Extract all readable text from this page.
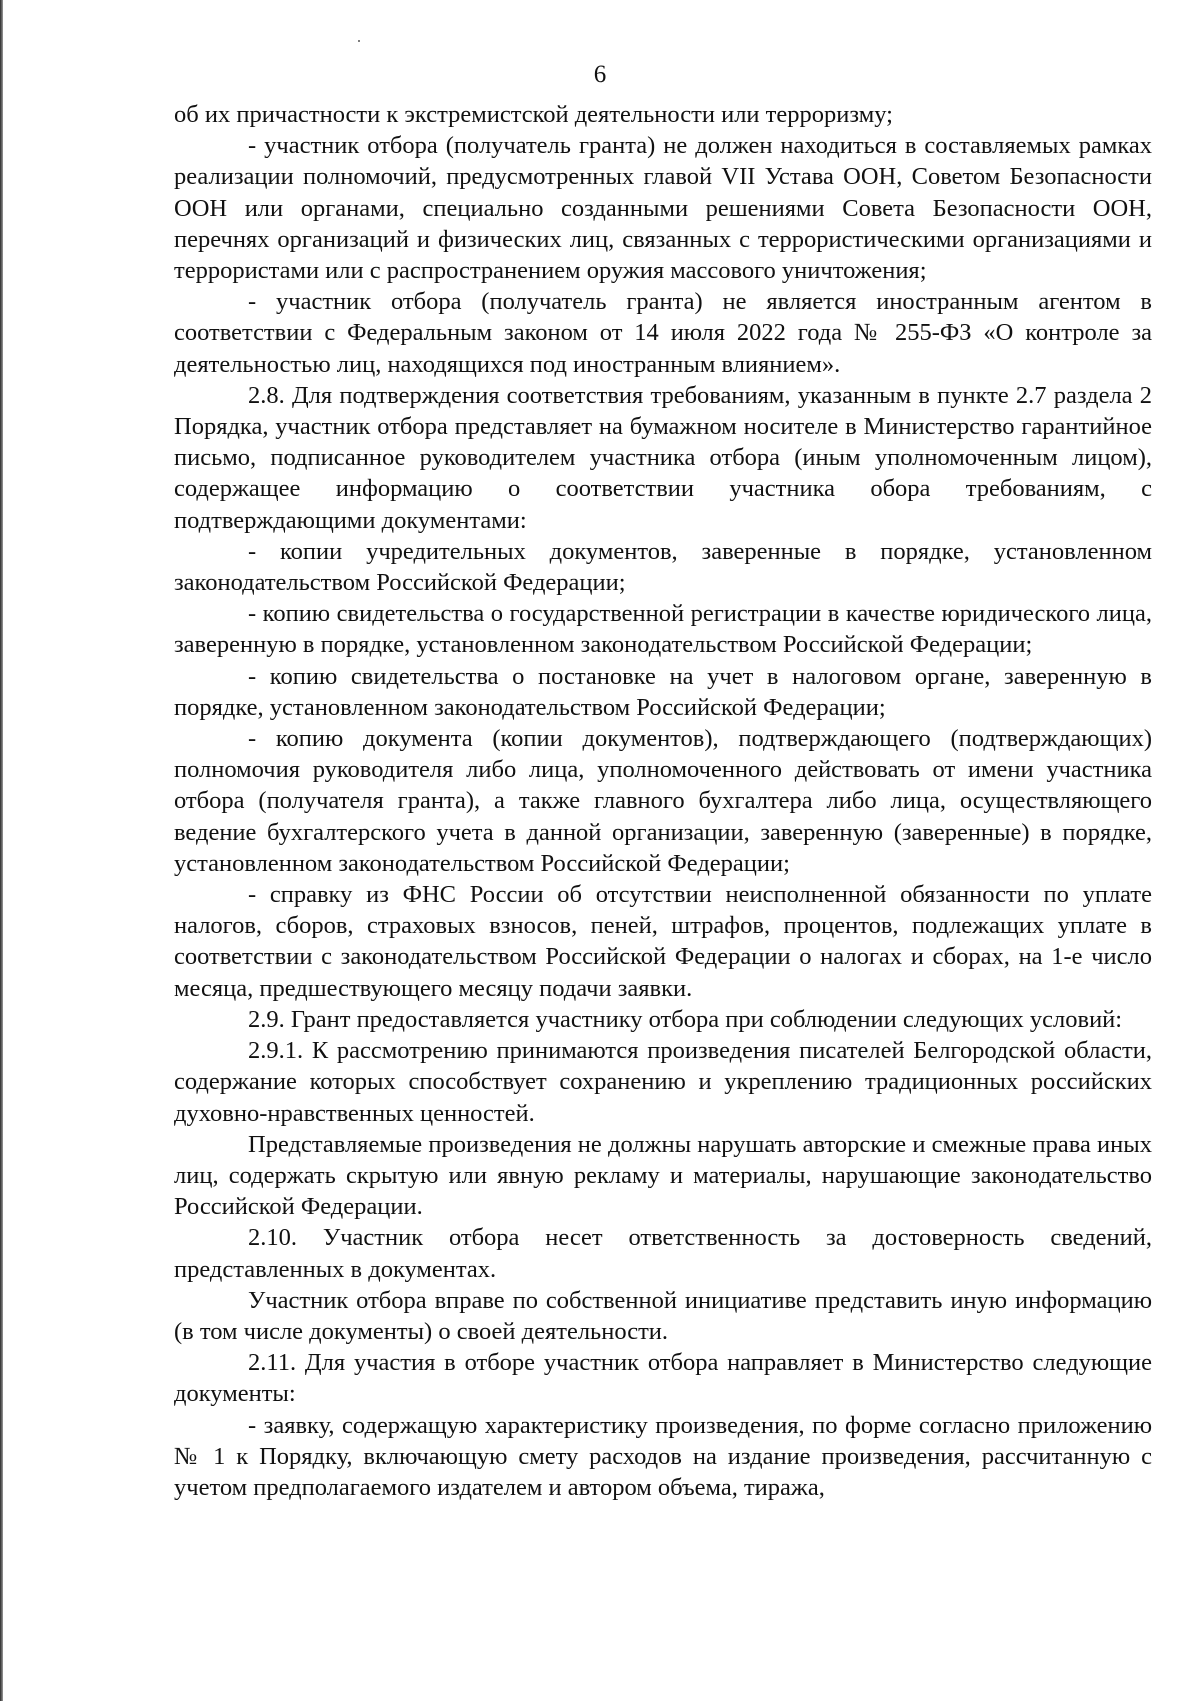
6

об их причастности к экстремистской деятельности или терроризму;

- участник отбора (получатель гранта) не должен находиться в составляемых рамках реализации полномочий, предусмотренных главой VII Устава ООН, Советом Безопасности ООН или органами, специально созданными решениями Совета Безопасности ООН, перечнях организаций и физических лиц, связанных с террористическими организациями и террористами или с распространением оружия массового уничтожения;

- участник отбора (получатель гранта) не является иностранным агентом в соответствии с Федеральным законом от 14 июля 2022 года № 255-ФЗ «О контроле за деятельностью лиц, находящихся под иностранным влиянием».

2.8. Для подтверждения соответствия требованиям, указанным в пункте 2.7 раздела 2 Порядка, участник отбора представляет на бумажном носителе в Министерство гарантийное письмо, подписанное руководителем участника отбора (иным уполномоченным лицом), содержащее информацию о соответствии участника обора требованиям, с подтверждающими документами:

- копии учредительных документов, заверенные в порядке, установленном законодательством Российской Федерации;

- копию свидетельства о государственной регистрации в качестве юридического лица, заверенную в порядке, установленном законодательством Российской Федерации;

- копию свидетельства о постановке на учет в налоговом органе, заверенную в порядке, установленном законодательством Российской Федерации;

- копию документа (копии документов), подтверждающего (подтверждающих) полномочия руководителя либо лица, уполномоченного действовать от имени участника отбора (получателя гранта), а также главного бухгалтера либо лица, осуществляющего ведение бухгалтерского учета в данной организации, заверенную (заверенные) в порядке, установленном законодательством Российской Федерации;

- справку из ФНС России об отсутствии неисполненной обязанности по уплате налогов, сборов, страховых взносов, пеней, штрафов, процентов, подлежащих уплате в соответствии с законодательством Российской Федерации о налогах и сборах, на 1-е число месяца, предшествующего месяцу подачи заявки.

2.9. Грант предоставляется участнику отбора при соблюдении следующих условий:

2.9.1. К рассмотрению принимаются произведения писателей Белгородской области, содержание которых способствует сохранению и укреплению традиционных российских духовно-нравственных ценностей.

Представляемые произведения не должны нарушать авторские и смежные права иных лиц, содержать скрытую или явную рекламу и материалы, нарушающие законодательство Российской Федерации.

2.10. Участник отбора несет ответственность за достоверность сведений, представленных в документах.

Участник отбора вправе по собственной инициативе представить иную информацию (в том числе документы) о своей деятельности.

2.11. Для участия в отборе участник отбора направляет в Министерство следующие документы:

- заявку, содержащую характеристику произведения, по форме согласно приложению № 1 к Порядку, включающую смету расходов на издание произведения, рассчитанную с учетом предполагаемого издателем и автором объема, тиража,
